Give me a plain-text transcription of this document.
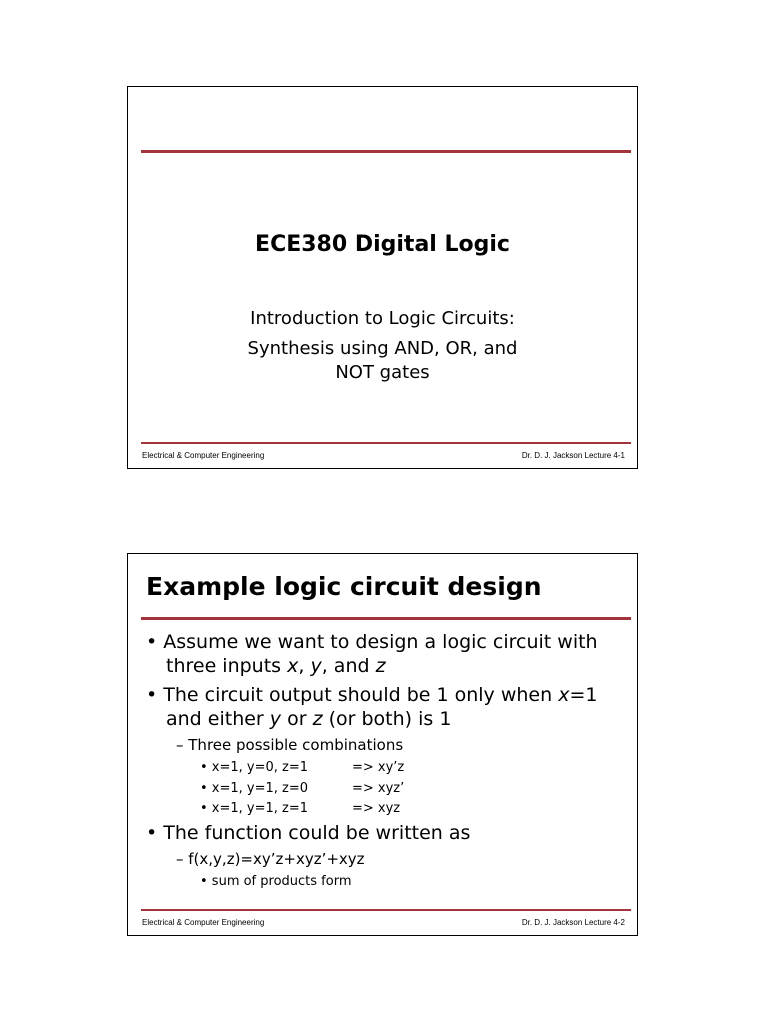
ECE380 Digital Logic
Introduction to Logic Circuits:
Synthesis using AND, OR, and
NOT gates
Electrical & Computer Engineering	Dr. D. J. Jackson Lecture 4-1
Example logic circuit design
• Assume we want to design a logic circuit with
three inputs x, y, and z
• The circuit output should be 1 only when x=1
and either y or z (or both) is 1
– Three possible combinations
• x=1, y=0, z=1	=> xy’z
• x=1, y=1, z=0	=> xyz’
• x=1, y=1, z=1	=> xyz
• The function could be written as
– f(x,y,z)=xy’z+xyz’+xyz
• sum of products form
Electrical & Computer Engineering	Dr. D. J. Jackson Lecture 4-2
